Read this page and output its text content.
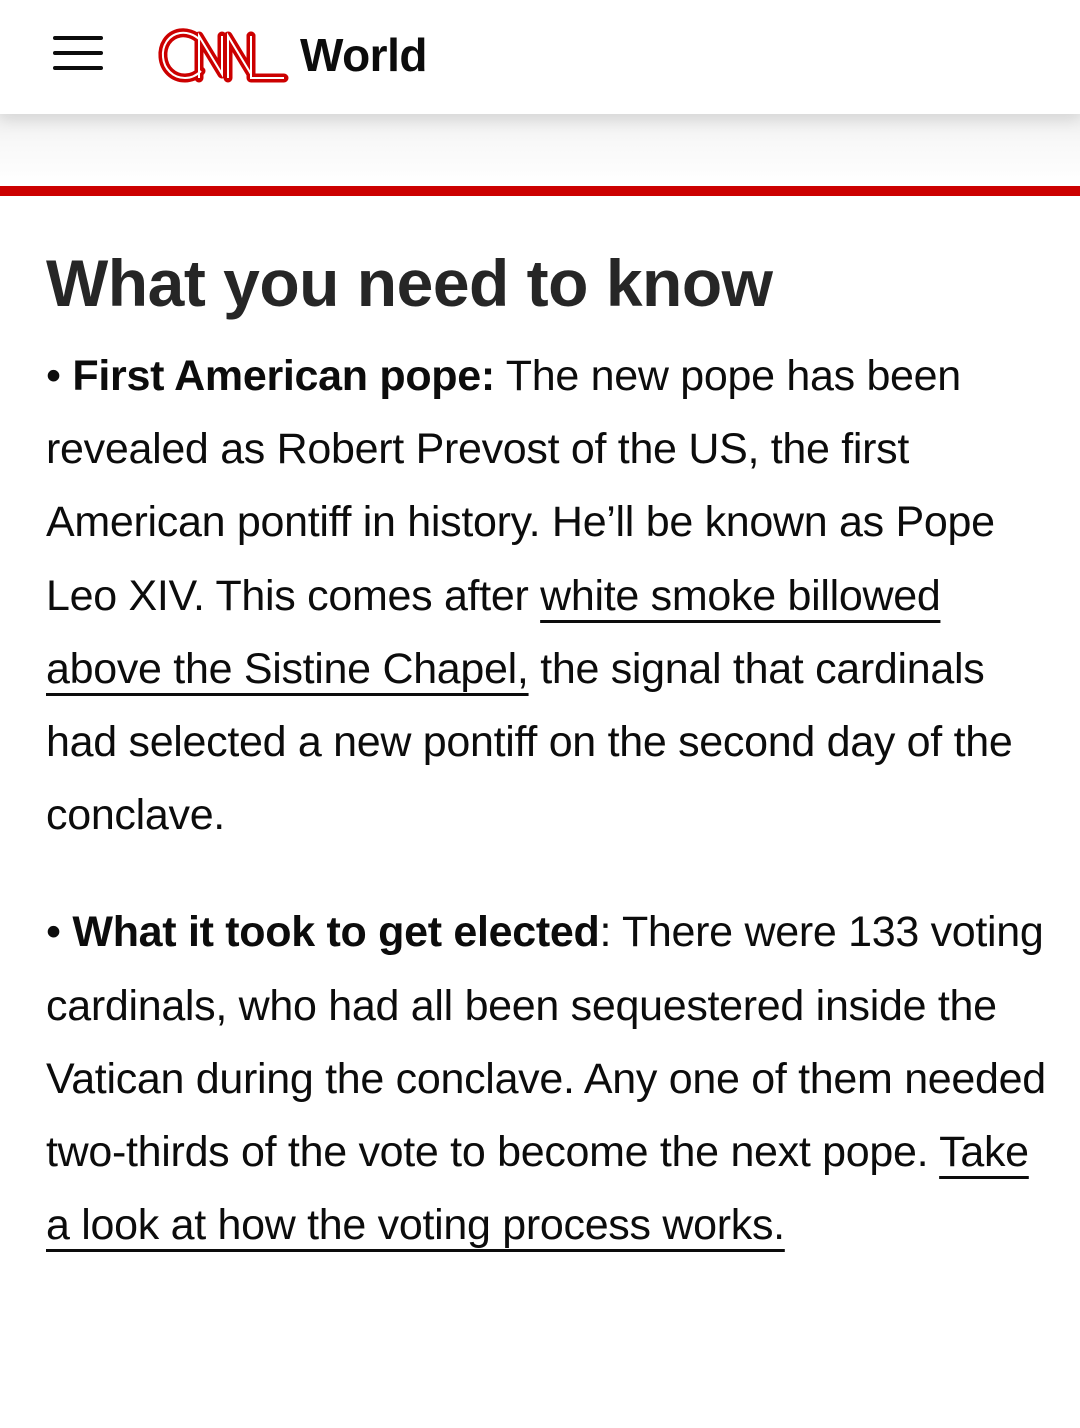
World
What you need to know

• First American pope: The new pope has been revealed as Robert Prevost of the US, the first American pontiff in history. He’ll be known as Pope Leo XIV. This comes after white smoke billowed above the Sistine Chapel, the signal that cardinals had selected a new pontiff on the second day of the conclave.

• What it took to get elected: There were 133 voting cardinals, who had all been sequestered inside the Vatican during the conclave. Any one of them needed two-thirds of the vote to become the next pope. Take a look at how the voting process works.
